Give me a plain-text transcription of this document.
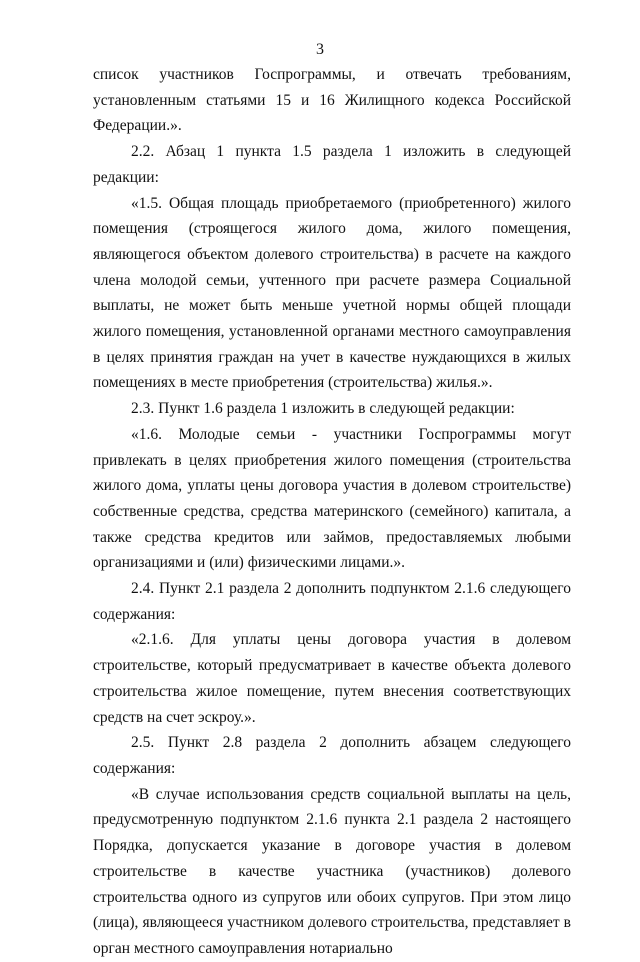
3

список участников Госпрограммы, и отвечать требованиям, установленным статьями 15 и 16 Жилищного кодекса Российской Федерации.».

2.2. Абзац 1 пункта 1.5 раздела 1 изложить в следующей редакции:

«1.5. Общая площадь приобретаемого (приобретенного) жилого помещения (строящегося жилого дома, жилого помещения, являющегося объектом долевого строительства) в расчете на каждого члена молодой семьи, учтенного при расчете размера Социальной выплаты, не может быть меньше учетной нормы общей площади жилого помещения, установленной органами местного самоуправления в целях принятия граждан на учет в качестве нуждающихся в жилых помещениях в месте приобретения (строительства) жилья.».

2.3. Пункт 1.6 раздела 1 изложить в следующей редакции:

«1.6. Молодые семьи - участники Госпрограммы могут привлекать в целях приобретения жилого помещения (строительства жилого дома, уплаты цены договора участия в долевом строительстве) собственные средства, средства материнского (семейного) капитала, а также средства кредитов или займов, предоставляемых любыми организациями и (или) физическими лицами.».

2.4. Пункт 2.1 раздела 2 дополнить подпунктом 2.1.6 следующего содержания:

«2.1.6. Для уплаты цены договора участия в долевом строительстве, который предусматривает в качестве объекта долевого строительства жилое помещение, путем внесения соответствующих средств на счет эскроу.».

2.5. Пункт 2.8 раздела 2 дополнить абзацем следующего содержания:

«В случае использования средств социальной выплаты на цель, предусмотренную подпунктом 2.1.6 пункта 2.1 раздела 2 настоящего Порядка, допускается указание в договоре участия в долевом строительстве в качестве участника (участников) долевого строительства одного из супругов или обоих супругов. При этом лицо (лица), являющееся участником долевого строительства, представляет в орган местного самоуправления нотариально
